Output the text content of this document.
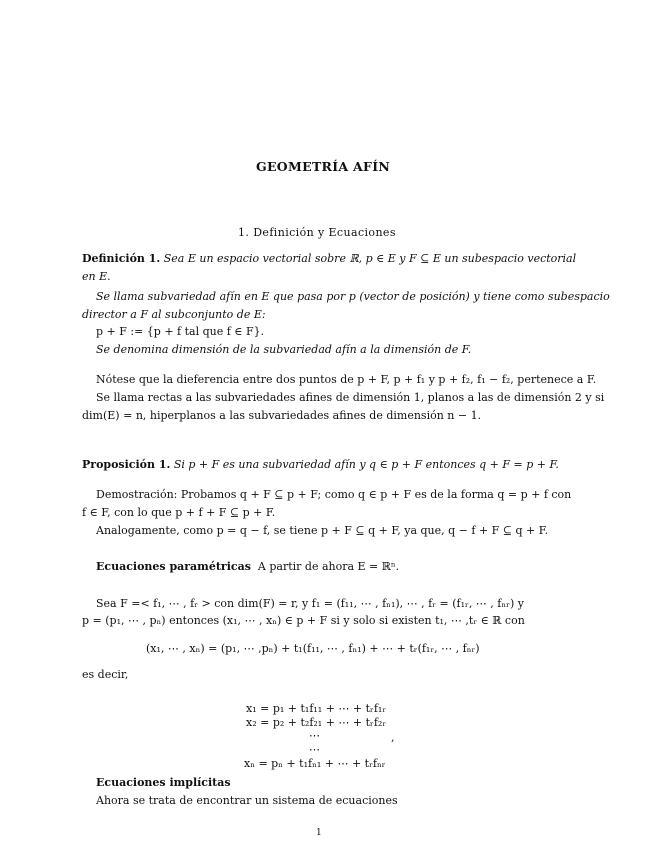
GEOMETRÍA AFÍN
1. Definición y Ecuaciones
Definición 1. Sea E un espacio vectorial sobre ℝ, p ∈ E y F ⊆ E un subespacio vectorial
en E.
Se llama subvariedad afín en E que pasa por p (vector de posición) y tiene como subespacio
director a F al subconjunto de E:
p + F := {p + f tal que f ∈ F}.
Se denomina dimensión de la subvariedad afín a la dimensión de F.
Nótese que la dieferencia entre dos puntos de p + F, p + f₁ y p + f₂, f₁ − f₂, pertenece a F.
Se llama rectas a las subvariedades afines de dimensión 1, planos a las de dimensión 2 y si
dim(E) = n, hiperplanos a las subvariedades afines de dimensión n − 1.
Proposición 1. Si p + F es una subvariedad afín y q ∈ p + F entonces q + F = p + F.
Demostración: Probamos q + F ⊆ p + F; como q ∈ p + F es de la forma q = p + f con
f ∈ F, con lo que p + f + F ⊆ p + F.
Analogamente, como p = q − f, se tiene p + F ⊆ q + F, ya que, q − f + F ⊆ q + F.
Ecuaciones paramétricas A partir de ahora E = ℝⁿ.
Sea F =< f₁, ⋯ , fᵣ > con dim(F) = r, y f₁ = (f₁₁, ⋯ , fₙ₁), ⋯ , fᵣ = (f₁ᵣ, ⋯ , fₙᵣ) y
p = (p₁, ⋯ , pₙ) entonces (x₁, ⋯ , xₙ) ∈ p + F si y solo si existen t₁, ⋯ ,tᵣ ∈ ℝ con
(x₁, ⋯ , xₙ) = (p₁, ⋯ ,pₙ) + t₁(f₁₁, ⋯ , fₙ₁) + ⋯ + tᵣ(f₁ᵣ, ⋯ , fₙᵣ)
es decir,
x₁ = p₁ + t₁f₁₁ + ⋯ + tᵣf₁ᵣ
x₂ = p₂ + t₂f₂₁ + ⋯ + tᵣf₂ᵣ
⋯
⋯
xₙ = pₙ + t₁fₙ₁ + ⋯ + tᵣfₙᵣ
,
Ecuaciones implícitas
Ahora se trata de encontrar un sistema de ecuaciones
1
